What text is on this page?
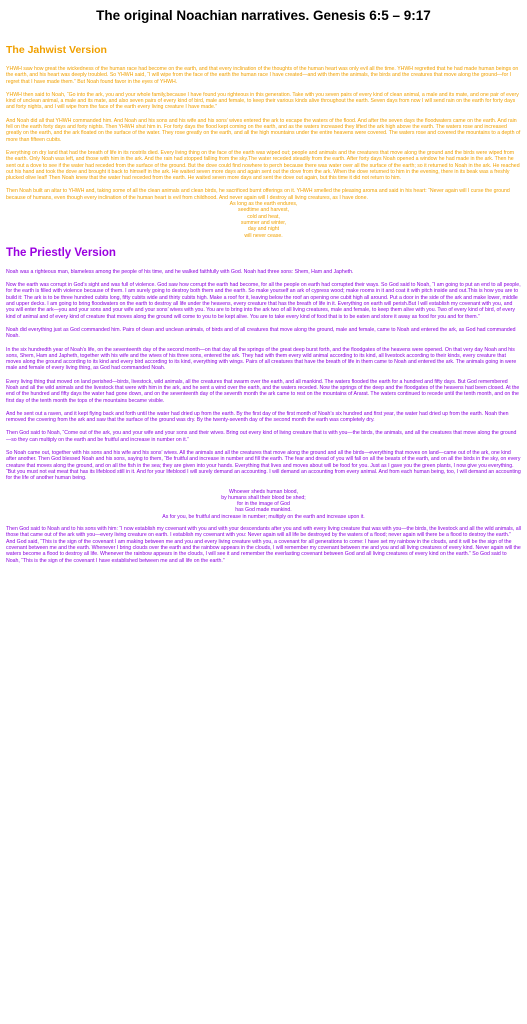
The original Noachian narratives. Genesis 6:5 – 9:17
The Jahwist Version

YHWH saw how great the wickedness of the human race had become on the earth, and that every inclination of the thoughts of the human heart was only evil all the time. YHWH regretted that he had made human beings on the earth, and his heart was deeply troubled. So YHWH said, “I will wipe from the face of the earth the human race I have created—and with them the animals, the birds and the creatures that move along the ground—for I regret that I have made them.” But Noah found favor in the eyes of YHWH.

YHWH then said to Noah, “Go into the ark, you and your whole family,because I have found you righteous in this generation. Take with you seven pairs of every kind of clean animal, a male and its mate, and one pair of every kind of unclean animal, a male and its mate, and also seven pairs of every kind of bird, male and female, to keep their various kinds alive throughout the earth. Seven days from now I will send rain on the earth for forty days and forty nights, and I will wipe from the face of the earth every living creature I have made.”

And Noah did all that YHWH commanded him. And Noah and his sons and his wife and his sons’ wives entered the ark to escape the waters of the flood. And after the seven days the floodwaters came on the earth. And rain fell on the earth forty days and forty nights. Then YHWH shut him in. For forty days the flood kept coming on the earth, and as the waters increased they lifted the ark high above the earth. The waters rose and increased greatly on the earth, and the ark floated on the surface of the water. They rose greatly on the earth, and all the high mountains under the entire heavens were covered. The waters rose and covered the mountains to a depth of more than fifteen cubits.

Everything on dry land that had the breath of life in its nostrils died. Every living thing on the face of the earth was wiped out; people and animals and the creatures that move along the ground and the birds were wiped from the earth. Only Noah was left, and those with him in the ark. And the rain had stopped falling from the sky.The water receded steadily from the earth. After forty days Noah opened a window he had made in the ark. Then he sent out a dove to see if the water had receded from the surface of the ground. But the dove could find nowhere to perch because there was water over all the surface of the earth; so it returned to Noah in the ark. He reached out his hand and took the dove and brought it back to himself in the ark. He waited seven more days and again sent out the dove from the ark. When the dove returned to him in the evening, there in its beak was a freshly plucked olive leaf! Then Noah knew that the water had receded from the earth. He waited seven more days and sent the dove out again, but this time it did not return to him.

Then Noah built an altar to YHWH and, taking some of all the clean animals and clean birds, he sacrificed burnt offerings on it. YHWH smelled the pleasing aroma and said in his heart: “Never again will I curse the ground because of humans, even though every inclination of the human heart is evil from childhood. And never again will I destroy all living creatures, as I have done.

As long as the earth endures,
seedtime and harvest,
cold and heat,
summer and winter,
day and night
will never cease.
The Priestly Version

Noah was a righteous man, blameless among the people of his time, and he walked faithfully with God. Noah had three sons: Shem, Ham and Japheth.

Now the earth was corrupt in God’s sight and was full of violence. God saw how corrupt the earth had become, for all the people on earth had corrupted their ways. So God said to Noah, “I am going to put an end to all people, for the earth is filled with violence because of them. I am surely going to destroy both them and the earth. So make yourself an ark of cypress wood; make rooms in it and coat it with pitch inside and out.This is how you are to build it: The ark is to be three hundred cubits long, fifty cubits wide and thirty cubits high. Make a roof for it, leaving below the roof an opening one cubit high all around. Put a door in the side of the ark and make lower, middle and upper decks. I am going to bring floodwaters on the earth to destroy all life under the heavens, every creature that has the breath of life in it. Everything on earth will perish.But I will establish my covenant with you, and you will enter the ark—you and your sons and your wife and your sons’ wives with you. You are to bring into the ark two of all living creatures, male and female, to keep them alive with you. Two of every kind of bird, of every kind of animal and of every kind of creature that moves along the ground will come to you to be kept alive. You are to take every kind of food that is to be eaten and store it away as food for you and for them.”

Noah did everything just as God commanded him. Pairs of clean and unclean animals, of birds and of all creatures that move along the ground, male and female, came to Noah and entered the ark, as God had commanded Noah.

In the six hundredth year of Noah’s life, on the seventeenth day of the second month—on that day all the springs of the great deep burst forth, and the floodgates of the heavens were opened. On that very day Noah and his sons, Shem, Ham and Japheth, together with his wife and the wives of his three sons, entered the ark. They had with them every wild animal according to its kind, all livestock according to their kinds, every creature that moves along the ground according to its kind and every bird according to its kind, everything with wings. Pairs of all creatures that have the breath of life in them came to Noah and entered the ark. The animals going in were male and female of every living thing, as God had commanded Noah.

Every living thing that moved on land perished—birds, livestock, wild animals, all the creatures that swarm over the earth, and all mankind. The waters flooded the earth for a hundred and fifty days. But God remembered Noah and all the wild animals and the livestock that were with him in the ark, and he sent a wind over the earth, and the waters receded. Now the springs of the deep and the floodgates of the heavens had been closed. At the end of the hundred and fifty days the water had gone down, and on the seventeenth day of the seventh month the ark came to rest on the mountains of Ararat. The waters continued to recede until the tenth month, and on the first day of the tenth month the tops of the mountains became visible.

And he sent out a raven, and it kept flying back and forth until the water had dried up from the earth. By the first day of the first month of Noah’s six hundred and first year, the water had dried up from the earth. Noah then removed the covering from the ark and saw that the surface of the ground was dry. By the twenty-seventh day of the second month the earth was completely dry.

Then God said to Noah, “Come out of the ark, you and your wife and your sons and their wives. Bring out every kind of living creature that is with you—the birds, the animals, and all the creatures that move along the ground—so they can multiply on the earth and be fruitful and increase in number on it.”

So Noah came out, together with his sons and his wife and his sons’ wives. All the animals and all the creatures that move along the ground and all the birds—everything that moves on land—came out of the ark, one kind after another. Then God blessed Noah and his sons, saying to them, “Be fruitful and increase in number and fill the earth. The fear and dread of you will fall on all the beasts of the earth, and on all the birds in the sky, on every creature that moves along the ground, and on all the fish in the sea; they are given into your hands. Everything that lives and moves about will be food for you. Just as I gave you the green plants, I now give you everything. “But you must not eat meat that has its lifeblood still in it. And for your lifeblood I will surely demand an accounting. I will demand an accounting from every animal. And from each human being, too, I will demand an accounting for the life of another human being.

Whoever sheds human blood,
by humans shall their blood be shed;
for in the image of God
has God made mankind.
As for you, be fruitful and increase in number; multiply on the earth and increase upon it.

Then God said to Noah and to his sons with him: “I now establish my covenant with you and with your descendants after you and with every living creature that was with you—the birds, the livestock and all the wild animals, all those that came out of the ark with you—every living creature on earth. I establish my covenant with you: Never again will all life be destroyed by the waters of a flood; never again will there be a flood to destroy the earth.” And God said, “This is the sign of the covenant I am making between me and you and every living creature with you, a covenant for all generations to come: I have set my rainbow in the clouds, and it will be the sign of the covenant between me and the earth. Whenever I bring clouds over the earth and the rainbow appears in the clouds, I will remember my covenant between me and you and all living creatures of every kind. Never again will the waters become a flood to destroy all life. Whenever the rainbow appears in the clouds, I will see it and remember the everlasting covenant between God and all living creatures of every kind on the earth.” So God said to Noah, “This is the sign of the covenant I have established between me and all life on the earth.”
